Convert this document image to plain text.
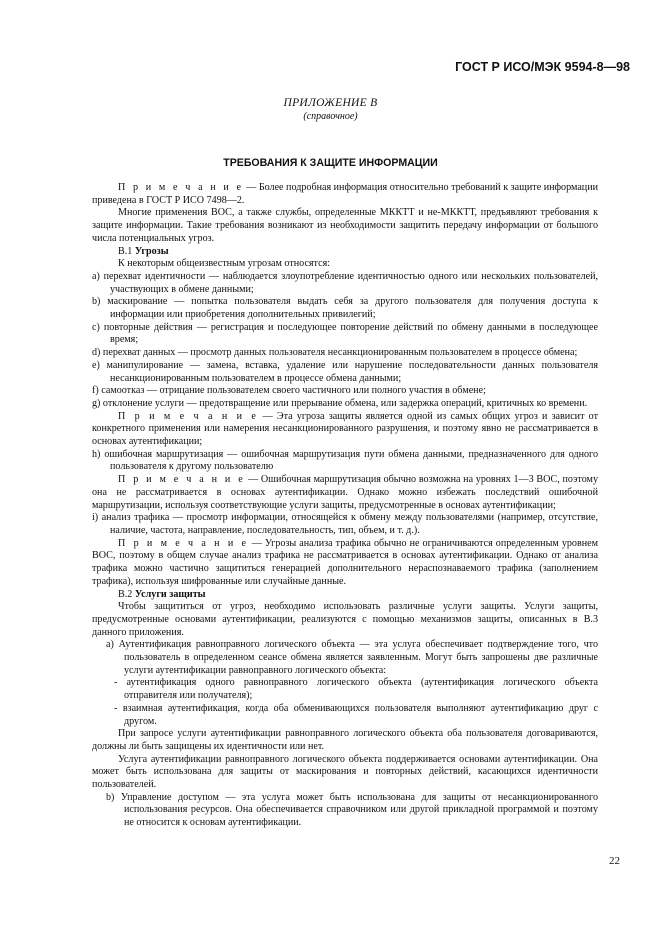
ГОСТ Р ИСО/МЭК 9594-8—98
ПРИЛОЖЕНИЕ В
(справочное)
ТРЕБОВАНИЯ К ЗАЩИТЕ ИНФОРМАЦИИ

П р и м е ч а н и е — Более подробная информация относительно требований к защите информации приведена в ГОСТ Р ИСО 7498—2.

Многие применения ВОС, а также службы, определенные МККТТ и не-МККТТ, предъявляют требования к защите информации. Такие требования возникают из необходимости защитить передачу информации от большого числа потенциальных угроз.

В.1 Угрозы

К некоторым общеизвестным угрозам относятся:

a) перехват идентичности — наблюдается злоупотребление идентичностью одного или нескольких пользователей, участвующих в обмене данными;

b) маскирование — попытка пользователя выдать себя за другого пользователя для получения доступа к информации или приобретения дополнительных привилегий;

c) повторные действия — регистрация и последующее повторение действий по обмену данными в последующее время;

d) перехват данных — просмотр данных пользователя несанкционированным пользователем в процессе обмена;

e) манипулирование — замена, вставка, удаление или нарушение последовательности данных пользователя несанкционированным пользователем в процессе обмена данными;

f) самоотказ — отрицание пользователем своего частичного или полного участия в обмене;

g) отклонение услуги — предотвращение или прерывание обмена, или задержка операций, критичных ко времени.

П р и м е ч а н и е — Эта угроза защиты является одной из самых общих угроз и зависит от конкретного применения или намерения несанкционированного разрушения, и поэтому явно не рассматривается в основах аутентификации;

h) ошибочная маршрутизация — ошибочная маршрутизация пути обмена данными, предназначенного для одного пользователя к другому пользователю

П р и м е ч а н и е — Ошибочная маршрутизация обычно возможна на уровнях 1—3 ВОС, поэтому она не рассматривается в основах аутентификации. Однако можно избежать последствий ошибочной маршрутизации, используя соответствующие услуги защиты, предусмотренные в основах аутентификации;

i) анализ трафика — просмотр информации, относящейся к обмену между пользователями (например, отсутствие, наличие, частота, направление, последовательность, тип, объем, и т. д.).

П р и м е ч а н и е — Угрозы анализа трафика обычно не ограничиваются определенным уровнем ВОС, поэтому в общем случае анализ трафика не рассматривается в основах аутентификации. Однако от анализа трафика можно частично защититься генерацией дополнительного нераспознаваемого трафика (заполнением трафика), используя шифрованные или случайные данные.

В.2 Услуги защиты

Чтобы защититься от угроз, необходимо использовать различные услуги защиты. Услуги защиты, предусмотренные основами аутентификации, реализуются с помощью механизмов защиты, описанных в В.3 данного приложения.

а) Аутентификация равноправного логического объекта — эта услуга обеспечивает подтверждение того, что пользователь в определенном сеансе обмена является заявленным. Могут быть запрошены две различные услуги аутентификации равноправного логического объекта:

- аутентификация одного равноправного логического объекта (аутентификация логического объекта отправителя или получателя);

- взаимная аутентификация, когда оба обменивающихся пользователя выполняют аутентификацию друг с другом.

При запросе услуги аутентификации равноправного логического объекта оба пользователя договариваются, должны ли быть защищены их идентичности или нет.

Услуга аутентификации равноправного логического объекта поддерживается основами аутентификации. Она может быть использована для защиты от маскирования и повторных действий, касающихся идентичности пользователей.

b) Управление доступом — эта услуга может быть использована для защиты от несанкционированного использования ресурсов. Она обеспечивается справочником или другой прикладной программой и поэтому не относится к основам аутентификации.

22
